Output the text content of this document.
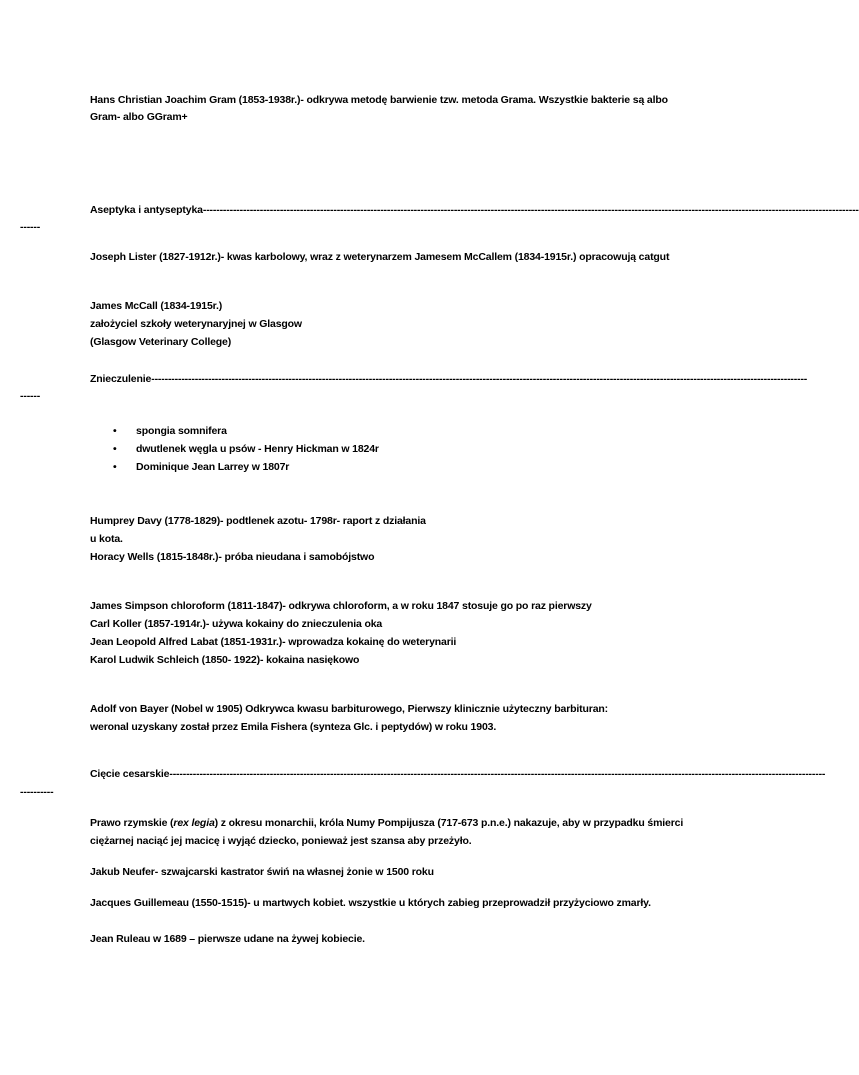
Hans Christian Joachim Gram (1853-1938r.)- odkrywa metodę barwienie tzw. metoda Grama. Wszystkie bakterie są albo
Gram- albo GGram+
Aseptyka i antyseptyka----------------------------------------------------------------------------------------------------------------------------------------------------------------------------------------------------
------
Joseph Lister (1827-1912r.)- kwas karbolowy, wraz z weterynarzem Jamesem McCallem (1834-1915r.) opracowują catgut
James McCall (1834-1915r.)
założyciel szkoły weterynaryjnej w Glasgow
(Glasgow Veterinary College)
Znieczulenie----------------------------------------------------------------------------------------------------------------------------------------------------------------------------------------------------
------
•	spongia somnifera
•	dwutlenek węgla u psów - Henry Hickman w 1824r
•	Dominique Jean Larrey w 1807r
Humprey Davy (1778-1829)- podtlenek azotu- 1798r- raport z działania
u kota.
Horacy Wells (1815-1848r.)- próba nieudana i samobójstwo
James Simpson chloroform (1811-1847)- odkrywa chloroform, a w roku 1847 stosuje go po raz pierwszy
Carl Koller (1857-1914r.)- używa kokainy do znieczulenia oka
Jean Leopold Alfred Labat (1851-1931r.)- wprowadza kokainę do weterynarii
Karol Ludwik Schleich (1850- 1922)- kokaina nasiękowo
Adolf von Bayer (Nobel w 1905) Odkrywca kwasu barbiturowego, Pierwszy klinicznie użyteczny barbituran:
weronal uzyskany został przez Emila Fishera (synteza Glc. i peptydów) w roku 1903.
Cięcie cesarskie----------------------------------------------------------------------------------------------------------------------------------------------------------------------------------------------------
----------
Prawo rzymskie (rex legia) z okresu monarchii, króla Numy Pompijusza (717-673 p.n.e.) nakazuje, aby w przypadku śmierci
ciężarnej naciąć jej macicę i wyjąć dziecko, ponieważ jest szansa aby przeżyło.
Jakub Neufer- szwajcarski kastrator świń na własnej żonie w 1500 roku
Jacques Guillemeau (1550-1515)- u martwych kobiet. wszystkie u których zabieg przeprowadził przyżyciowo zmarły.
Jean Ruleau w 1689 – pierwsze udane na żywej kobiecie.
